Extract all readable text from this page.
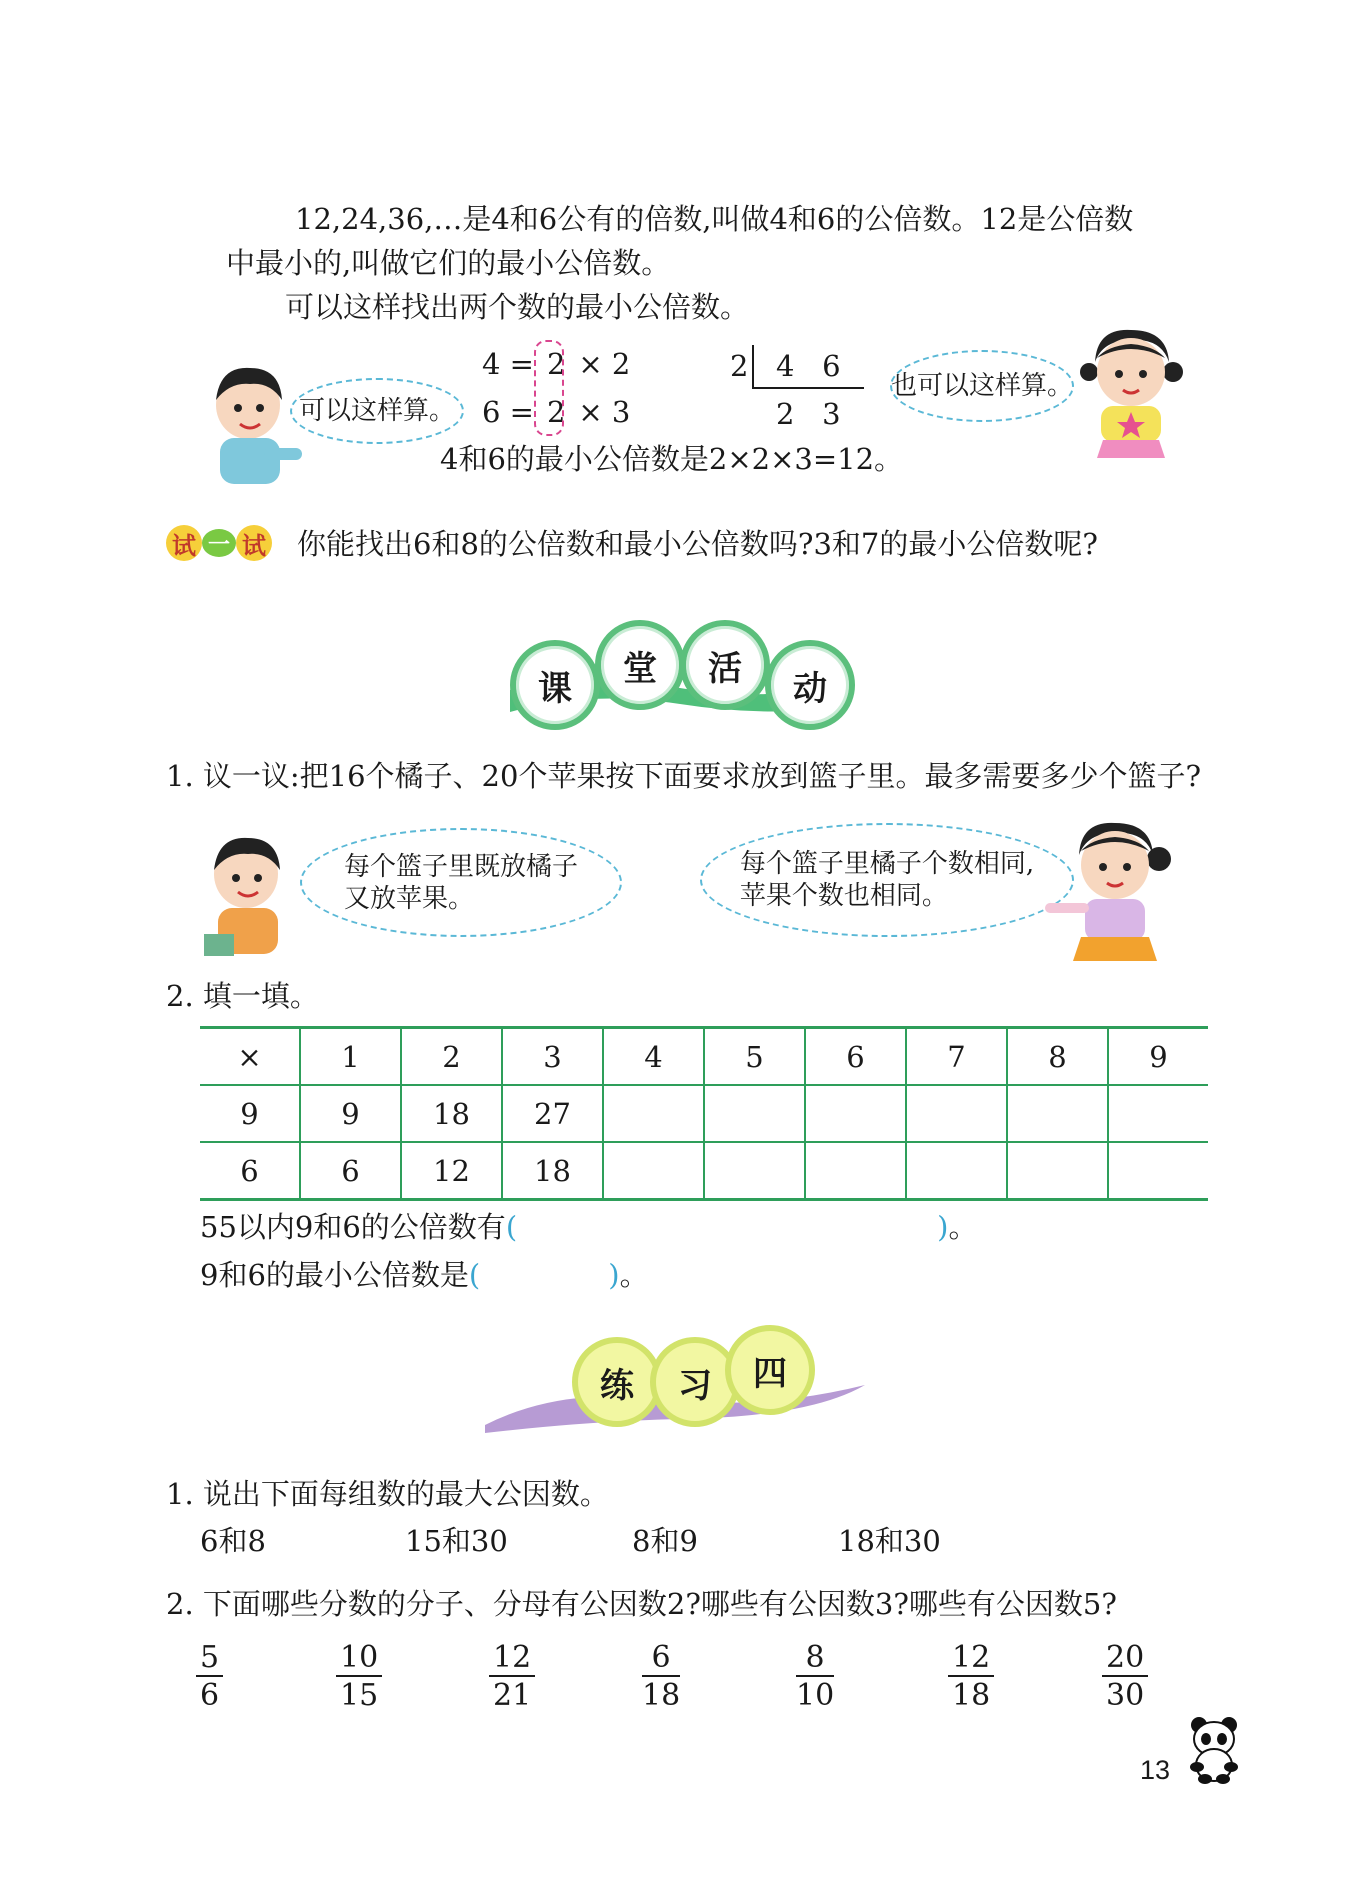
12,24,36,…是4和6公有的倍数,叫做4和6的公倍数。12是公倍数
中最小的,叫做它们的最小公倍数。
可以这样找出两个数的最小公倍数。
可以这样算。
4 = 2 × 2
6 = 2 × 3
2 4   6
2   3
也可以这样算。
4和6的最小公倍数是2×2×3=12。
试 一 试 你能找出6和8的公倍数和最小公倍数吗?3和7的最小公倍数呢?
课	堂	活	动
1. 议一议:把16个橘子、20个苹果按下面要求放到篮子里。最多需要多少个篮子?
每个篮子里既放橘子
又放苹果。
每个篮子里橘子个数相同,
苹果个数也相同。
2. 填一填。
×	1	2	3	4	5	6	7	8	9
9	9	18	27						
6	6	12	18						
55以内9和6的公倍数有(	)。
9和6的最小公倍数是(	)。
练	习	四
1. 说出下面每组数的最大公因数。
6和8	15和30	8和9	18和30
2. 下面哪些分数的分子、分母有公因数2?哪些有公因数3?哪些有公因数5?
$\frac{5}{6}$	$\frac{10}{15}$	$\frac{12}{21}$	$\frac{6}{18}$	$\frac{8}{10}$	$\frac{12}{18}$	$\frac{20}{30}$
13
